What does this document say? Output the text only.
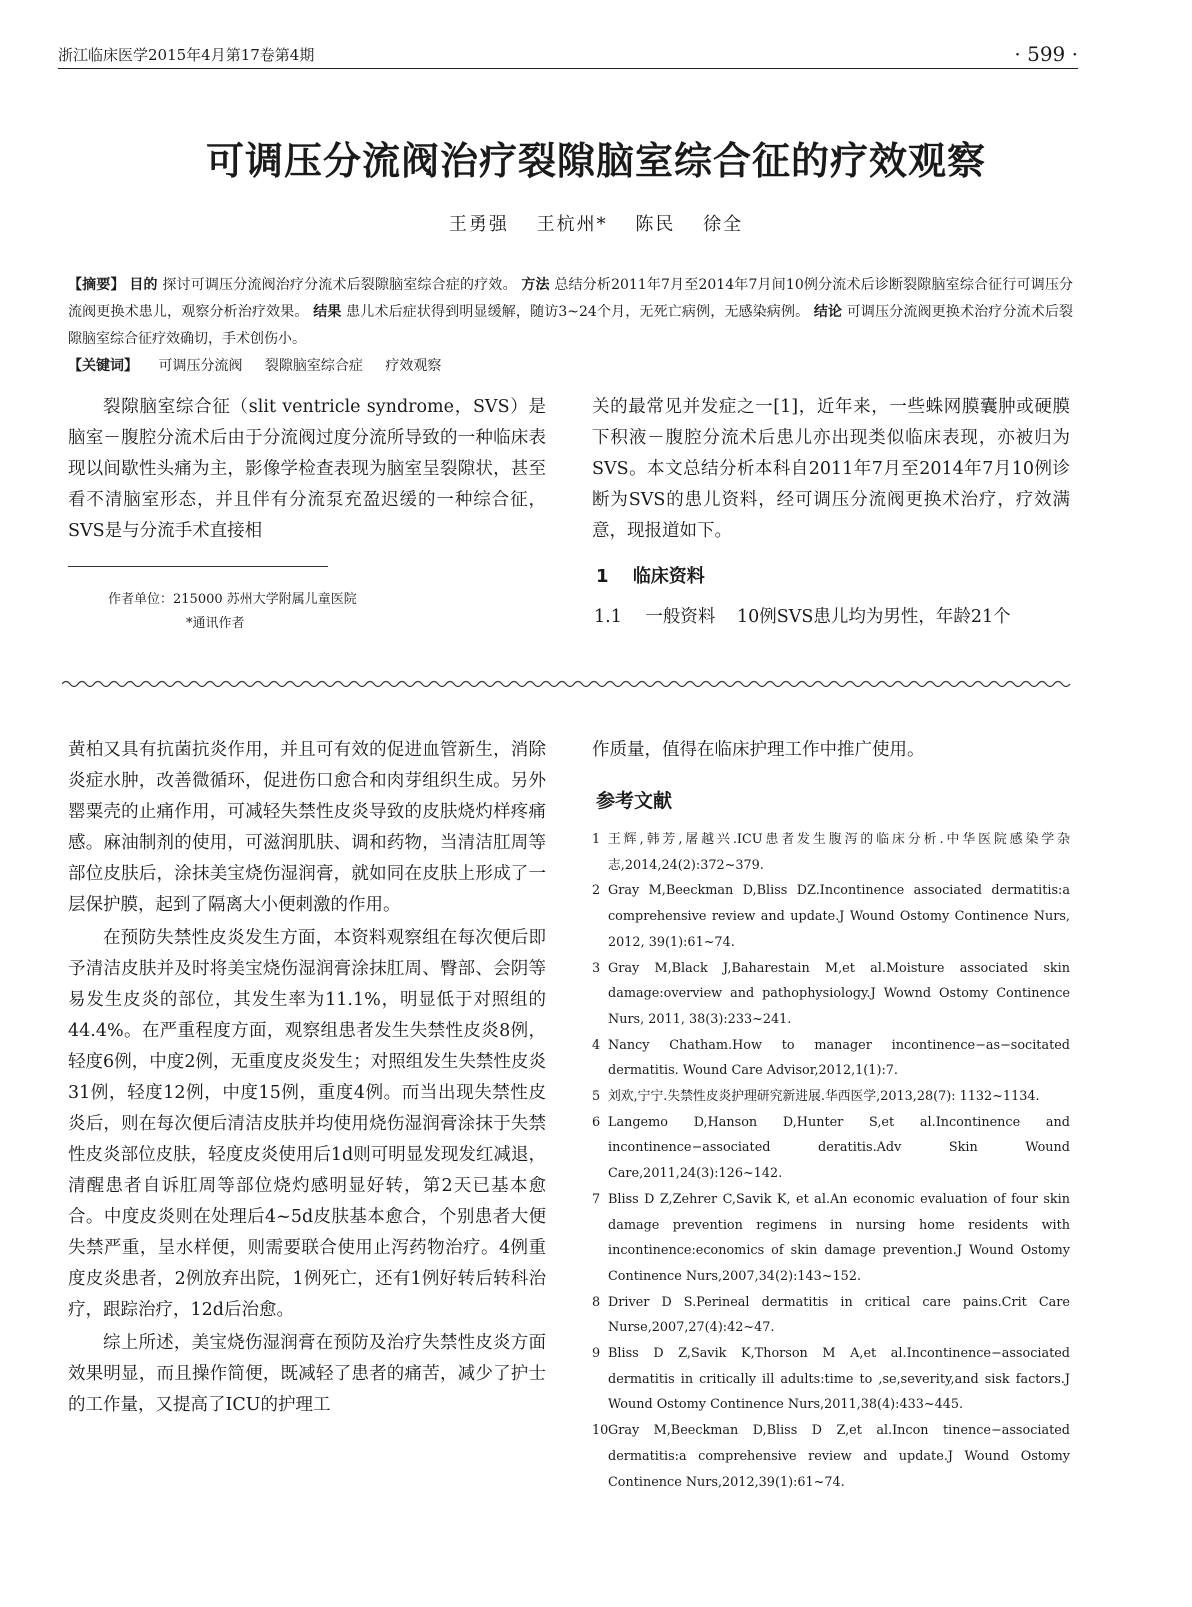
浙江临床医学2015年4月第17卷第4期	· 599 ·
可调压分流阀治疗裂隙脑室综合征的疗效观察
王勇强 王杭州* 陈民 徐全
【摘要】 目的 探讨可调压分流阀治疗分流术后裂隙脑室综合症的疗效。 方法 总结分析2011年7月至2014年7月间10例分流术后诊断裂隙脑室综合征行可调压分流阀更换术患儿，观察分析治疗效果。 结果 患儿术后症状得到明显缓解，随访3~24个月，无死亡病例，无感染病例。 结论 可调压分流阀更换术治疗分流术后裂隙脑室综合征疗效确切，手术创伤小。
【关键词】 可调压分流阀 裂隙脑室综合症 疗效观察

裂隙脑室综合征（slit ventricle syndrome，SVS）是脑室－腹腔分流术后由于分流阀过度分流所导致的一种临床表现以间歇性头痛为主，影像学检查表现为脑室呈裂隙状，甚至看不清脑室形态，并且伴有分流泵充盈迟缓的一种综合征，SVS是与分流手术直接相

作者单位：215000 苏州大学附属儿童医院
*通讯作者

关的最常见并发症之一[1]，近年来，一些蛛网膜囊肿或硬膜下积液－腹腔分流术后患儿亦出现类似临床表现，亦被归为SVS。本文总结分析本科自2011年7月至2014年7月10例诊断为SVS的患儿资料，经可调压分流阀更换术治疗，疗效满意，现报道如下。

1 临床资料
1.1 一般资料 10例SVS患儿均为男性，年龄21个

黄柏又具有抗菌抗炎作用，并且可有效的促进血管新生，消除炎症水肿，改善微循环，促进伤口愈合和肉芽组织生成。另外罂粟壳的止痛作用，可减轻失禁性皮炎导致的皮肤烧灼样疼痛感。麻油制剂的使用，可滋润肌肤、调和药物，当清洁肛周等部位皮肤后，涂抹美宝烧伤湿润膏，就如同在皮肤上形成了一层保护膜，起到了隔离大小便刺激的作用。

在预防失禁性皮炎发生方面，本资料观察组在每次便后即予清洁皮肤并及时将美宝烧伤湿润膏涂抹肛周、臀部、会阴等易发生皮炎的部位，其发生率为11.1%，明显低于对照组的44.4%。在严重程度方面，观察组患者发生失禁性皮炎8例，轻度6例，中度2例，无重度皮炎发生；对照组发生失禁性皮炎31例，轻度12例，中度15例，重度4例。而当出现失禁性皮炎后，则在每次便后清洁皮肤并均使用烧伤湿润膏涂抹于失禁性皮炎部位皮肤，轻度皮炎使用后1d则可明显发现发红减退，清醒患者自诉肛周等部位烧灼感明显好转，第2天已基本愈合。中度皮炎则在处理后4~5d皮肤基本愈合，个别患者大便失禁严重，呈水样便，则需要联合使用止泻药物治疗。4例重度皮炎患者，2例放弃出院，1例死亡，还有1例好转后转科治疗，跟踪治疗，12d后治愈。

综上所述，美宝烧伤湿润膏在预防及治疗失禁性皮炎方面效果明显，而且操作简便，既减轻了患者的痛苦，减少了护士的工作量，又提高了ICU的护理工

作质量，值得在临床护理工作中推广使用。

参考文献
1 王辉,韩芳,屠越兴.ICU患者发生腹泻的临床分析.中华医院感染学杂志,2014,24(2):372~379.
2 Gray M,Beeckman D,Bliss DZ.Incontinence associated dermatitis:a comprehensive review and update.J Wound Ostomy Continence Nurs, 2012, 39(1):61~74.
3 Gray M,Black J,Baharestain M,et al.Moisture associated skin damage:overview and pathophysiology.J Wownd Ostomy Continence Nurs, 2011, 38(3):233~241.
4 Nancy Chatham.How to manager incontinence−as−socitated dermatitis. Wound Care Advisor,2012,1(1):7.
5 刘欢,宁宁.失禁性皮炎护理研究新进展.华西医学,2013,28(7): 1132~1134.
6 Langemo D,Hanson D,Hunter S,et al.Incontinence and incontinence−associated deratitis.Adv Skin Wound Care,2011,24(3):126~142.
7 Bliss D Z,Zehrer C,Savik K, et al.An economic evaluation of four skin damage prevention regimens in nursing home residents with incontinence:economics of skin damage prevention.J Wound Ostomy Continence Nurs,2007,34(2):143~152.
8 Driver D S.Perineal dermatitis in critical care pains.Crit Care Nurse,2007,27(4):42~47.
9 Bliss D Z,Savik K,Thorson M A,et al.Incontinence−associated dermatitis in critically ill adults:time to ,se,severity,and sisk factors.J Wound Ostomy Continence Nurs,2011,38(4):433~445.
10 Gray M,Beeckman D,Bliss D Z,et al.Incon tinence−associated dermatitis:a comprehensive review and update.J Wound Ostomy Continence Nurs,2012,39(1):61~74.
